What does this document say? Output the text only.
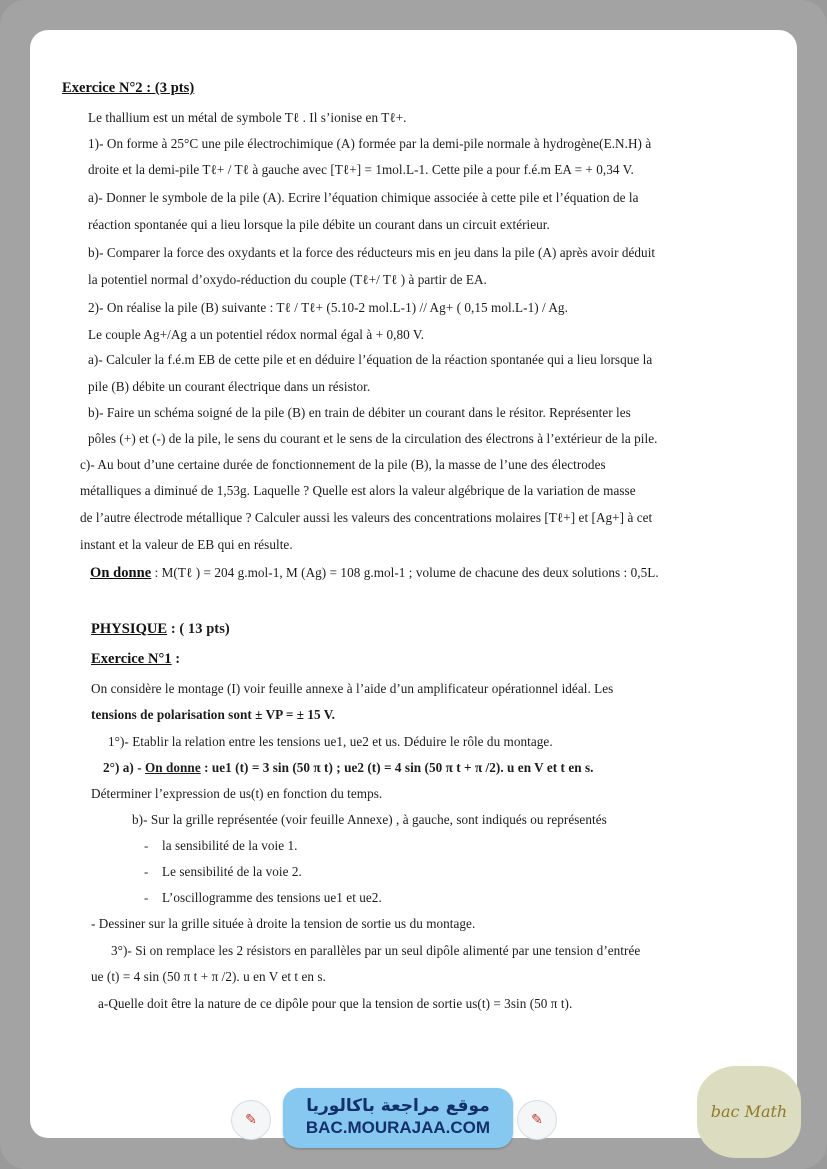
Exercice N°2 : (3 pts)
Le thallium est un métal de symbole Tℓ . Il s’ionise en Tℓ+.
1)- On forme à 25°C une pile électrochimique (A) formée par la demi-pile normale à hydrogène(E.N.H) à
droite et la demi-pile Tℓ+ / Tℓ à gauche avec [Tℓ+] = 1mol.L-1. Cette pile a pour f.é.m EA = + 0,34 V.
a)- Donner le symbole de la pile (A). Ecrire l’équation chimique associée à cette pile et l’équation de la
réaction spontanée qui a lieu lorsque la pile débite un courant dans un circuit extérieur.
b)- Comparer la force des oxydants et la force des réducteurs mis en jeu dans la pile (A) après avoir déduit
la potentiel normal d’oxydo-réduction du couple (Tℓ+/ Tℓ ) à partir de EA.
2)- On réalise la pile (B) suivante : Tℓ / Tℓ+ (5.10-2 mol.L-1) // Ag+ ( 0,15 mol.L-1) / Ag.
Le couple Ag+/Ag a un potentiel rédox normal égal à + 0,80 V.
a)- Calculer la f.é.m EB de cette pile et en déduire l’équation de la réaction spontanée qui a lieu lorsque la
pile (B) débite un courant électrique dans un résistor.
b)- Faire un schéma soigné de la pile (B) en train de débiter un courant dans le résitor. Représenter les
pôles (+) et (-) de la pile, le sens du courant et le sens de la circulation des électrons à l’extérieur de la pile.
c)- Au bout d’une certaine durée de fonctionnement de la pile (B), la masse de l’une des électrodes
métalliques a diminué de 1,53g. Laquelle ? Quelle est alors la valeur algébrique de la variation de masse
de l’autre électrode métallique ? Calculer aussi les valeurs des concentrations molaires [Tℓ+] et [Ag+] à cet
instant et la valeur de EB qui en résulte.
On donne : M(Tℓ ) = 204 g.mol-1, M (Ag) = 108 g.mol-1 ; volume de chacune des deux solutions : 0,5L.
PHYSIQUE : ( 13 pts)
Exercice N°1 :
On considère le montage (I) voir feuille annexe à l’aide d’un amplificateur opérationnel idéal. Les
tensions de polarisation sont ± VP = ± 15 V.
1°)- Etablir la relation entre les tensions ue1, ue2 et us. Déduire le rôle du montage.
2°) a) - On donne : ue1 (t) = 3 sin (50 π t) ; ue2 (t) = 4 sin (50 π t + π /2). u en V et t en s.
Déterminer l’expression de us(t) en fonction du temps.
b)- Sur la grille représentée (voir feuille Annexe) , à gauche, sont indiqués ou représentés
- la sensibilité de la voie 1.
- Le sensibilité de la voie 2.
- L’oscillogramme des tensions ue1 et ue2.
- Dessiner sur la grille située à droite la tension de sortie us du montage.
3°)- Si on remplace les 2 résistors en parallèles par un seul dipôle alimenté par une tension d’entrée
ue (t) = 4 sin (50 π t + π /2). u en V et t en s.
a-Quelle doit être la nature de ce dipôle pour que la tension de sortie us(t) = 3sin (50 π t).
✎
موقع مراجعة باكالوريا
BAC.MOURAJAA.COM	✎	bac Math
